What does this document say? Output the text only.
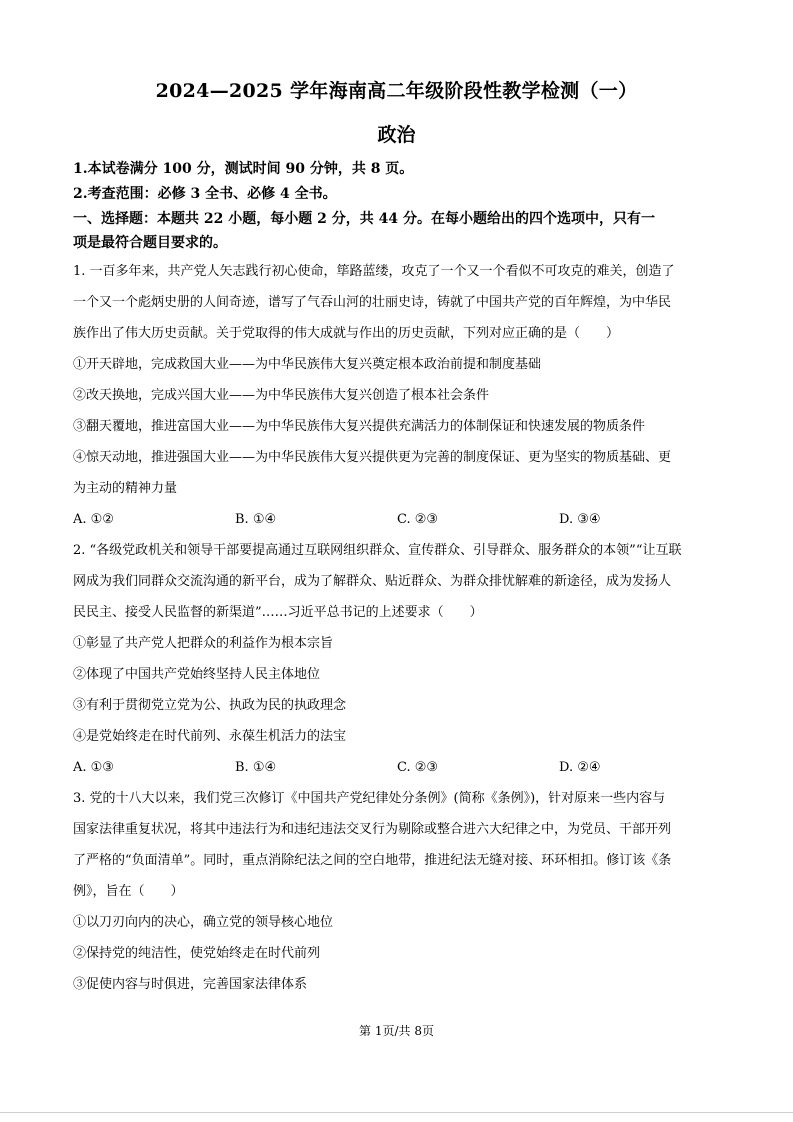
2024—2025 学年海南高二年级阶段性教学检测（一）
政治
1.本试卷满分 100 分，测试时间 90 分钟，共 8 页。
2.考查范围：必修 3 全书、必修 4 全书。
一、选择题：本题共 22 小题，每小题 2 分，共 44 分。在每小题给出的四个选项中，只有一
项是最符合题目要求的。
1. 一百多年来，共产党人矢志践行初心使命，筚路蓝缕，攻克了一个又一个看似不可攻克的难关，创造了
一个又一个彪炳史册的人间奇迹，谱写了气吞山河的壮丽史诗，铸就了中国共产党的百年辉煌，为中华民
族作出了伟大历史贡献。关于党取得的伟大成就与作出的历史贡献，下列对应正确的是（　　）
①开天辟地，完成救国大业——为中华民族伟大复兴奠定根本政治前提和制度基础
②改天换地，完成兴国大业——为中华民族伟大复兴创造了根本社会条件
③翻天覆地，推进富国大业——为中华民族伟大复兴提供充满活力的体制保证和快速发展的物质条件
④惊天动地，推进强国大业——为中华民族伟大复兴提供更为完善的制度保证、更为坚实的物质基础、更
为主动的精神力量
A. ①②	B. ①④	C. ②③	D. ③④
2. “各级党政机关和领导干部要提高通过互联网组织群众、宣传群众、引导群众、服务群众的本领”“让互联
网成为我们同群众交流沟通的新平台，成为了解群众、贴近群众、为群众排忧解难的新途径，成为发扬人
民民主、接受人民监督的新渠道”……习近平总书记的上述要求（　　）
①彰显了共产党人把群众的利益作为根本宗旨
②体现了中国共产党始终坚持人民主体地位
③有利于贯彻党立党为公、执政为民的执政理念
④是党始终走在时代前列、永葆生机活力的法宝
A. ①③	B. ①④	C. ②③	D. ②④
3. 党的十八大以来，我们党三次修订《中国共产党纪律处分条例》(简称《条例》)，针对原来一些内容与
国家法律重复状况，将其中违法行为和违纪违法交叉行为剔除或整合进六大纪律之中，为党员、干部开列
了严格的“负面清单”。同时，重点消除纪法之间的空白地带，推进纪法无缝对接、环环相扣。修订该《条
例》，旨在（　　）
①以刀刃向内的决心，确立党的领导核心地位
②保持党的纯洁性，使党始终走在时代前列
③促使内容与时俱进，完善国家法律体系
第 1页/共 8页
